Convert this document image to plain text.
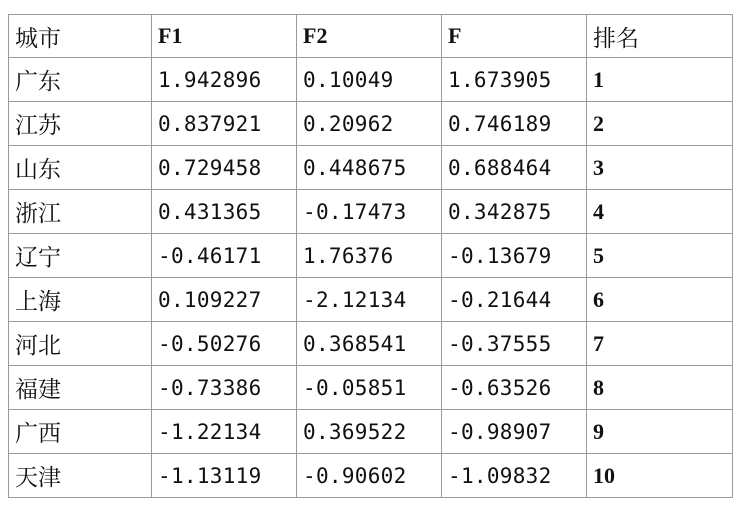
城市	F1	F2	F	排名
广东	1.942896	0.10049	1.673905	1
江苏	0.837921	0.20962	0.746189	2
山东	0.729458	0.448675	0.688464	3
浙江	0.431365	-0.17473	0.342875	4
辽宁	-0.46171	1.76376	-0.13679	5
上海	0.109227	-2.12134	-0.21644	6
河北	-0.50276	0.368541	-0.37555	7
福建	-0.73386	-0.05851	-0.63526	8
广西	-1.22134	0.369522	-0.98907	9
天津	-1.13119	-0.90602	-1.09832	10
